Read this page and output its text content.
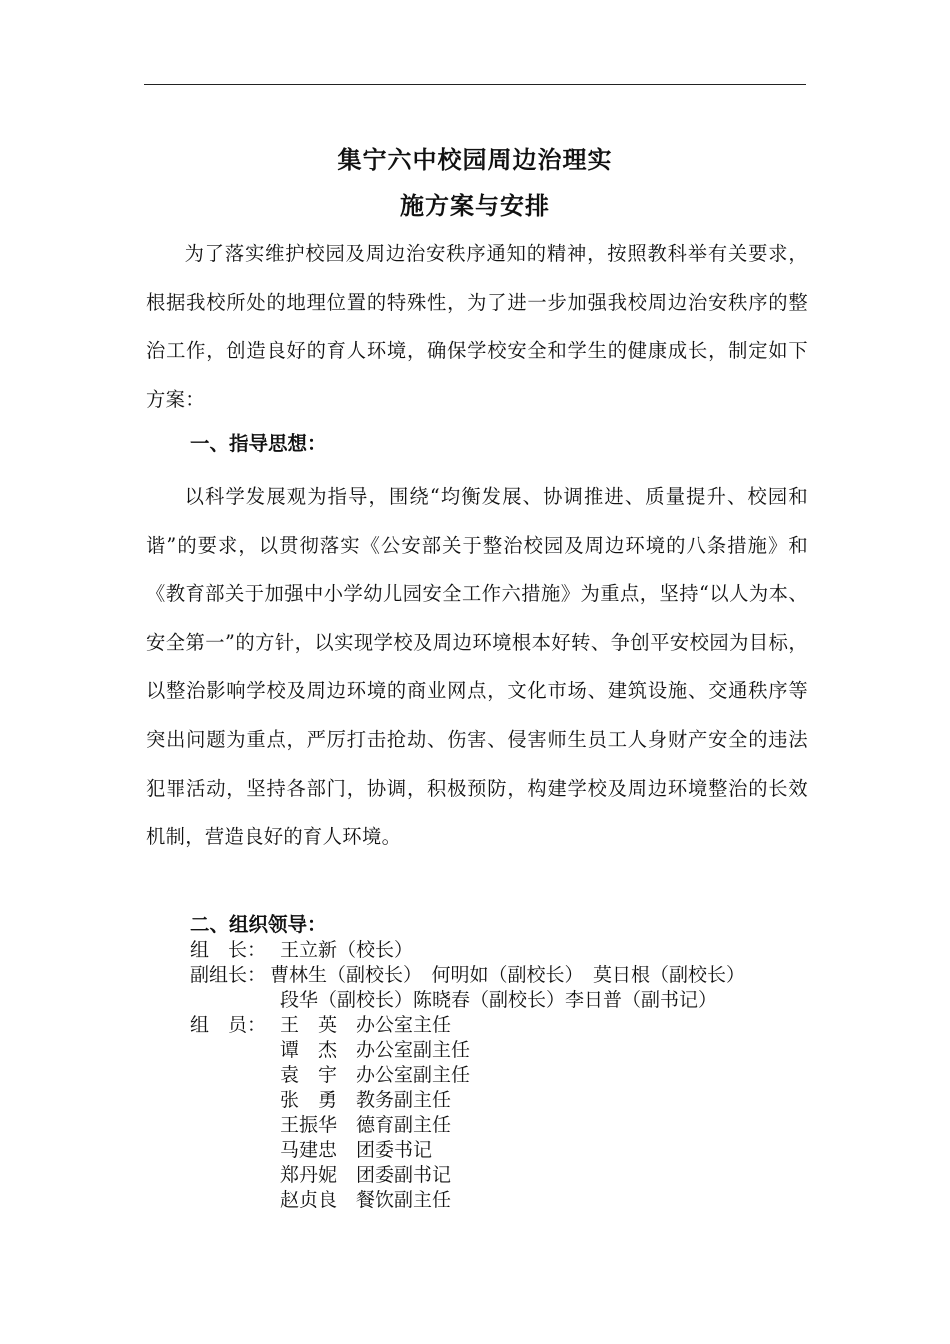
集宁六中校园周边治理实
施方案与安排

为了落实维护校园及周边治安秩序通知的精神，按照教科举有关要求，根据我校所处的地理位置的特殊性，为了进一步加强我校周边治安秩序的整治工作，创造良好的育人环境，确保学校安全和学生的健康成长，制定如下方案：

一、指导思想：

以科学发展观为指导，围绕“均衡发展、协调推进、质量提升、校园和谐”的要求，以贯彻落实《公安部关于整治校园及周边环境的八条措施》和《教育部关于加强中小学幼儿园安全工作六措施》为重点，坚持“以人为本、安全第一”的方针，以实现学校及周边环境根本好转、争创平安校园为目标，以整治影响学校及周边环境的商业网点，文化市场、建筑设施、交通秩序等突出问题为重点，严厉打击抢劫、伤害、侵害师生员工人身财产安全的违法犯罪活动，坚持各部门，协调，积极预防，构建学校及周边环境整治的长效机制，营造良好的育人环境。

二、组织领导：
组　长： 王立新（校长）
副组长： 曹林生（副校长）　何明如（副校长）　莫日根（副校长）
段华（副校长）陈晓春（副校长）李日普（副书记）
组　员： 王　英 办公室主任
谭　杰 办公室副主任
袁　宇 办公室副主任
张　勇 教务副主任
王振华 德育副主任
马建忠 团委书记
郑丹妮 团委副书记
赵贞良 餐饮副主任
